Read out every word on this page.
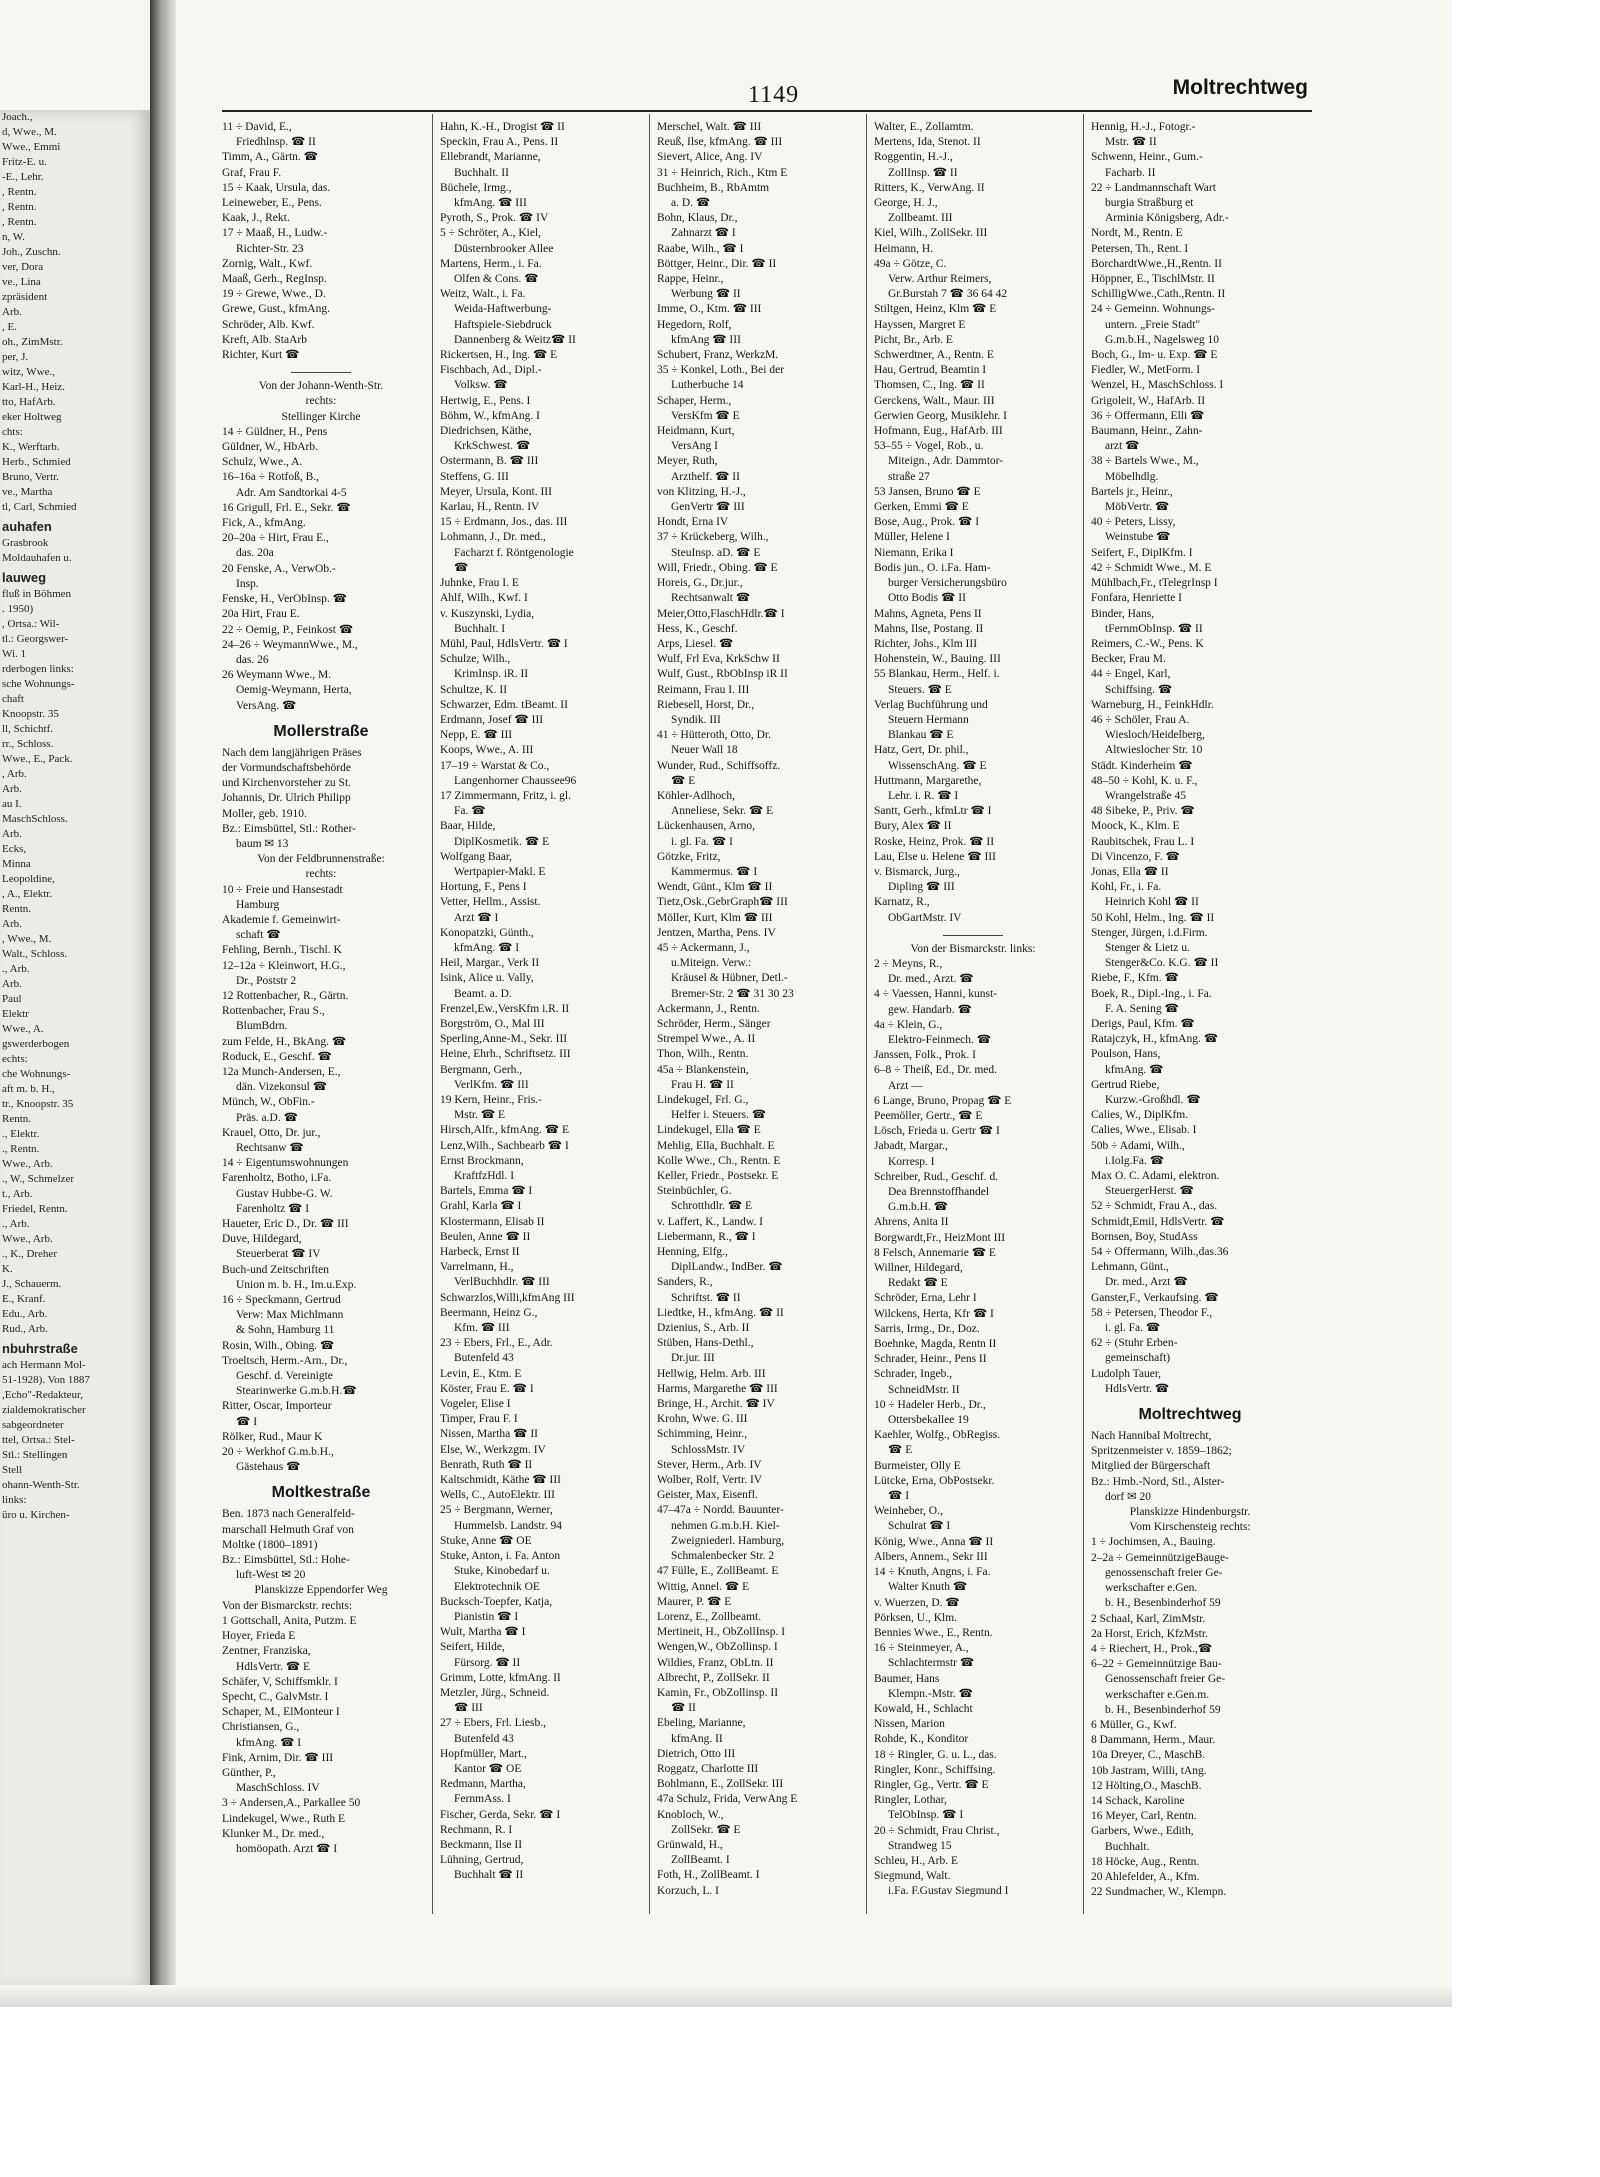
Joach.,
d, Wwe., M.
Wwe., Emmi
Fritz-E. u.
-E., Lehr.
, Rentn.
, Rentn.
, Rentn.
n, W.
Joh., Zuschn.
ver, Dora
ve., Lina
zpräsident
Arb.
, E.
oh., ZimMstr.
per, J.
witz, Wwe.,
Karl-H., Heiz.
tto, HafArb.
eker Holtweg
chts:
K., Werftarb.
Herb., Schmied
Bruno, Vertr.
ve., Martha
tl, Carl, Schmied
auhafen
Grasbrook
Moldauhafen u.
lauweg
fluß in Böhmen
. 1950)
, Ortsa.: Wil-
tl.: Georgswer-
Wi. 1
rderbogen links:
sche Wohnungs-
chaft
Knoopstr. 35
ll, Schichtf.
rr., Schloss.
Wwe., E., Pack.
, Arb.
Arb.
au I.
MaschSchloss.
Arb.
Ecks,
Minna
Leopoldine,
, A., Elektr.
Rentn.
Arb.
, Wwe., M.
Walt., Schloss.
., Arb.
Arb.
Paul
Elektr
Wwe., A.
gswerderbogen
echts:
che Wohnungs-
aft m. b. H.,
tr., Knoopstr. 35
Rentn.
., Elektr.
., Rentn.
Wwe., Arb.
., W., Schmelzer
t., Arb.
Friedel, Rentn.
., Arb.
Wwe., Arb.
., K., Dreher
K.
J., Schauerm.
E., Kranf.
Edu., Arb.
Rud., Arb.
nbuhrstraße
ach Hermann Mol-
51-1928). Von 1887
,Echo"-Redakteur,
zialdemokratischer
sabgeordneter
ttel, Ortsa.: Stel-
Stl.: Stellingen
Stell
ohann-Wenth-Str.
links:
üro u. Kirchen-
1149	Moltrechtweg
11 ÷ David, E.,
Friedhlnsp. ☎ II
Timm, A., Gärtn. ☎
Graf, Frau F.
15 ÷ Kaak, Ursula, das.
Leineweber, E., Pens.
Kaak, J., Rekt.
17 ÷ Maaß, H., Ludw.-
Richter-Str. 23
Zornig, Walt., Kwf.
Maaß, Gerh., RegInsp.
19 ÷ Grewe, Wwe., D.
Grewe, Gust., kfmAng.
Schröder, Alb. Kwf.
Kreft, Alb. StaArb
Richter, Kurt ☎
Von der Johann-Wenth-Str.
rechts:
Stellinger Kirche
14 ÷ Güldner, H., Pens
Güldner, W., HbArb.
Schulz, Wwe., A.
16–16a ÷ Rotfoß, B.,
Adr. Am Sandtorkai 4-5
16 Grigull, Frl. E., Sekr. ☎
Fick, A., kfmAng.
20–20a ÷ Hirt, Frau E.,
das. 20a
20 Fenske, A., VerwOb.-
Insp.
Fenske, H., VerObInsp. ☎
20a Hirt, Frau E.
22 ÷ Oemig, P., Feinkost ☎
24–26 ÷ WeymannWwe., M.,
das. 26
26 Weymann Wwe., M.
Oemig-Weymann, Herta,
VersAng. ☎
Mollerstraße
Nach dem langjährigen Präses
der Vormundschaftsbehörde
und Kirchenvorsteher zu St.
Johannis, Dr. Ulrich Philipp
Moller, geb. 1910.
Bz.: Eimsbüttel, Stl.: Rother-
baum ✉ 13
Von der Feldbrunnenstraße:
rechts:
10 ÷ Freie und Hansestadt
Hamburg
Akademie f. Gemeinwirt-
schaft ☎
Fehling, Bernh., Tischl. K
12–12a ÷ Kleinwort, H.G.,
Dr., Poststr 2
12 Rottenbacher, R., Gärtn.
Rottenbacher, Frau S.,
BlumBdrn.
zum Felde, H., BkAng. ☎
Roduck, E., Geschf. ☎
12a Munch-Andersen, E.,
dän. Vizekonsul ☎
Münch, W., ObFin.-
Präs. a.D. ☎
Krauel, Otto, Dr. jur.,
Rechtsanw ☎
14 ÷ Eigentumswohnungen
Farenholtz, Botho, i.Fa.
Gustav Hubbe-G. W.
Farenholtz ☎ I
Haueter, Eric D., Dr. ☎ III
Duve, Hildegard,
Steuerberat ☎ IV
Buch-und Zeitschriften
Union m. b. H., Im.u.Exp.
16 ÷ Speckmann, Gertrud
Verw: Max Michlmann
& Sohn, Hamburg 11
Rosin, Wilh., Obing. ☎
Troeltsch, Herm.-Arn., Dr.,
Geschf. d. Vereinigte
Stearinwerke G.m.b.H.☎
Ritter, Oscar, Importeur
☎ I
Rölker, Rud., Maur K
20 ÷ Werkhof G.m.b.H.,
Gästehaus ☎
Moltkestraße
Ben. 1873 nach Generalfeld-
marschall Helmuth Graf von
Moltke (1800–1891)
Bz.: Eimsbüttel, Stl.: Hohe-
luft-West ✉ 20
Planskizze Eppendorfer Weg
Von der Bismarckstr. rechts:
1 Gottschall, Anita, Putzm. E
Hoyer, Frieda E
Zentner, Franziska,
HdlsVertr. ☎ E
Schäfer, V, Schiffsmklr. I
Specht, C., GalvMstr. I
Schaper, M., ElMonteur I
Christiansen, G.,
kfmAng. ☎ I
Fink, Arnim, Dir. ☎ III
Günther, P.,
MaschSchloss. IV
3 ÷ Andersen,A., Parkallee 50
Lindekugel, Wwe., Ruth E
Klunker M., Dr. med.,
homöopath. Arzt ☎ I
Hahn, K.-H., Drogist ☎ II
Speckin, Frau A., Pens. II
Ellebrandt, Marianne,
Buchhalt. II
Büchele, Irmg.,
kfmAng. ☎ III
Pyroth, S., Prok. ☎ IV
5 ÷ Schröter, A., Kiel,
Düsternbrooker Allee
Martens, Herm., i. Fa.
Olfen & Cons. ☎
Weitz, Walt., i. Fa.
Weida-Haftwerbung-
Haftspiele-Siebdruck
Dannenberg & Weitz☎ II
Rickertsen, H., Ing. ☎ E
Fischbach, Ad., Dipl.-
Volksw. ☎
Hertwig, E., Pens. I
Böhm, W., kfmAng. I
Diedrichsen, Käthe,
KrkSchwest. ☎
Ostermann, B. ☎ III
Steffens, G. III
Meyer, Ursula, Kont. III
Karlau, H., Rentn. IV
15 ÷ Erdmann, Jos., das. III
Lohmann, J., Dr. med.,
Facharzt f. Röntgenologie
☎
Juhnke, Frau I. E
Ahlf, Wilh., Kwf. I
v. Kuszynski, Lydia,
Buchhalt. I
Mühl, Paul, HdlsVertr. ☎ I
Schulze, Wilh.,
KrimInsp. iR. II
Schultze, K. II
Schwarzer, Edm. tBeamt. II
Erdmann, Josef ☎ III
Nepp, E. ☎ III
Koops, Wwe., A. III
17–19 ÷ Warstat & Co.,
Langenhorner Chaussee96
17 Zimmermann, Fritz, i. gl.
Fa. ☎
Baar, Hilde,
DiplKosmetik. ☎ E
Wolfgang Baar,
Wertpapier-Makl. E
Hortung, F., Pens I
Vetter, Hellm., Assist.
Arzt ☎ I
Konopatzki, Günth.,
kfmAng. ☎ I
Heil, Margar., Verk II
Isink, Alice u. Vally,
Beamt. a. D.
Frenzel,Ew.,VersKfm i.R. II
Borgström, O., Mal III
Sperling,Anne-M., Sekr. III
Heine, Ehrh., Schriftsetz. III
Bergmann, Gerh.,
VerlKfm. ☎ III
19 Kern, Heinr., Fris.-
Mstr. ☎ E
Hirsch,Alfr., kfmAng. ☎ E
Lenz,Wilh., Sachbearb ☎ I
Ernst Brockmann,
KraftfzHdl. I
Bartels, Emma ☎ I
Grahl, Karla ☎ I
Klostermann, Elisab II
Beulen, Anne ☎ II
Harbeck, Ernst II
Varrelmann, H.,
VerlBuchhdlr. ☎ III
Schwarzlos,Willi,kfmAng III
Beermann, Heinz G.,
Kfm. ☎ III
23 ÷ Ebers, Frl., E., Adr.
Butenfeld 43
Levin, E., Ktm. E
Köster, Frau E. ☎ I
Vogeler, Elise I
Timper, Frau F. I
Nissen, Martha ☎ II
Else, W., Werkzgm. IV
Benrath, Ruth ☎ II
Kaltschmidt, Käthe ☎ III
Wells, C., AutoElektr. III
25 ÷ Bergmann, Werner,
Hummelsb. Landstr. 94
Stuke, Anne ☎ OE
Stuke, Anton, i. Fa. Anton
Stuke, Kinobedarf u.
Elektrotechnik OE
Bucksch-Toepfer, Katja,
Pianistin ☎ I
Wult, Martha ☎ I
Seifert, Hilde,
Fürsorg. ☎ II
Grimm, Lotte, kfmAng. II
Metzler, Jürg., Schneid.
☎ III
27 ÷ Ebers, Frl. Liesb.,
Butenfeld 43
Hopfmüller, Mart.,
Kantor ☎ OE
Redmann, Martha,
FernmAss. I
Fischer, Gerda, Sekr. ☎ I
Rechmann, R. I
Beckmann, Ilse II
Lühning, Gertrud,
Buchhalt ☎ II
Merschel, Walt. ☎ III
Reuß, Ilse, kfmAng. ☎ III
Sievert, Alice, Ang. IV
31 ÷ Heinrich, Rich., Ktm E
Buchheim, B., RbAmtm
a. D. ☎
Bohn, Klaus, Dr.,
Zahnarzt ☎ I
Raabe, Wilh., ☎ I
Böttger, Heinr., Dir. ☎ II
Rappe, Heinr.,
Werbung ☎ II
Imme, O., Ktm. ☎ III
Hegedorn, Rolf,
kfmAng ☎ III
Schubert, Franz, WerkzM.
35 ÷ Konkel, Loth., Bei der
Lutherbuche 14
Schaper, Herm.,
VersKfm ☎ E
Heidmann, Kurt,
VersAng I
Meyer, Ruth,
Arzthelf. ☎ II
von Klitzing, H.-J.,
GenVertr ☎ III
Hondt, Erna IV
37 ÷ Krückeberg, Wilh.,
SteuInsp. aD. ☎ E
Will, Friedr., Obing. ☎ E
Horeis, G., Dr.jur.,
Rechtsanwalt ☎
Meier,Otto,FlaschHdlr.☎ I
Hess, K., Geschf.
Arps, Liesel. ☎
Wulf, Frl Eva, KrkSchw II
Wulf, Gust., RbObInsp iR II
Reimann, Frau I. III
Riebesell, Horst, Dr.,
Syndik. III
41 ÷ Hütteroth, Otto, Dr.
Neuer Wall 18
Wunder, Rud., Schiffsoffz.
☎ E
Köhler-Adlhoch,
Anneliese, Sekr. ☎ E
Lückenhausen, Arno,
i. gl. Fa. ☎ I
Götzke, Fritz,
Kammermus. ☎ I
Wendt, Günt., Klm ☎ II
Tietz,Osk.,GebrGraph☎ III
Möller, Kurt, Klm ☎ III
Jentzen, Martha, Pens. IV
45 ÷ Ackermann, J.,
u.Miteign. Verw.:
Kräusel & Hübner, Detl.-
Bremer-Str. 2 ☎ 31 30 23
Ackermann, J., Rentn.
Schröder, Herm., Sänger
Strempel Wwe., A. II
Thon, Wilh., Rentn.
45a ÷ Blankenstein,
Frau H. ☎ II
Lindekugel, Frl. G.,
Helfer i. Steuers. ☎
Lindekugel, Ella ☎ E
Mehlig, Ella, Buchhalt. E
Kolle Wwe., Ch., Rentn. E
Keller, Friedr., Postsekr. E
Steinbüchler, G.
Schrotthdlr. ☎ E
v. Laffert, K., Landw. I
Liebermann, R., ☎ I
Henning, Elfg.,
DiplLandw., IndBer. ☎
Sanders, R.,
Schriftst. ☎ II
Liedtke, H., kfmAng. ☎ II
Dzienius, S., Arb. II
Stüben, Hans-Dethl.,
Dr.jur. III
Hellwig, Helm. Arb. III
Harms, Margarethe ☎ III
Bringe, H., Archit. ☎ IV
Krohn, Wwe. G. III
Schimming, Heinr.,
SchlossMstr. IV
Stever, Herm., Arb. IV
Wolber, Rolf, Vertr. IV
Geister, Max, Eisenfl.
47–47a ÷ Nordd. Bauunter-
nehmen G.m.b.H. Kiel-
Zweigniederl. Hamburg,
Schmalenbecker Str. 2
47 Fülle, E., ZollBeamt. E
Wittig, Annel. ☎ E
Maurer, P. ☎ E
Lorenz, E., Zollbeamt.
Mertineit, H., ObZollInsp. I
Wengen,W., ObZollinsp. I
Wildies, Franz, ObLtn. II
Albrecht, P., ZollSekr. II
Kamin, Fr., ObZollinsp. II
☎ II
Ebeling, Marianne,
kfmAng. II
Dietrich, Otto III
Roggatz, Charlotte III
Bohlmann, E., ZollSekr. III
47a Schulz, Frida, VerwAng E
Knobloch, W.,
ZollSekr. ☎ E
Grünwald, H.,
ZollBeamt. I
Foth, H., ZollBeamt. I
Korzuch, L. I
Walter, E., Zollamtm.
Mertens, Ida, Stenot. II
Roggentin, H.-J.,
ZollInsp. ☎ II
Ritters, K., VerwAng. II
George, H. J.,
Zollbeamt. III
Kiel, Wilh., ZollSekr. III
Heimann, H.
49a ÷ Götze, C.
Verw. Arthur Reimers,
Gr.Burstah 7 ☎ 36 64 42
Stiltgen, Heinz, Klm ☎ E
Hayssen, Margret E
Picht, Br., Arb. E
Schwerdtner, A., Rentn. E
Hau, Gertrud, Beamtin I
Thomsen, C., Ing. ☎ II
Gerckens, Walt., Maur. III
Gerwien Georg, Musiklehr. I
Hofmann, Eug., HafArb. III
53–55 ÷ Vogel, Rob., u.
Miteign., Adr. Dammtor-
straße 27
53 Jansen, Bruno ☎ E
Gerken, Emmi ☎ E
Bose, Aug., Prok. ☎ I
Müller, Helene I
Niemann, Erika I
Bodis jun., O. i.Fa. Ham-
burger Versicherungsbüro
Otto Bodis ☎ II
Mahns, Agneta, Pens II
Mahns, Ilse, Postang. II
Richter, Johs., Klm III
Hohenstein, W., Bauing. III
55 Blankau, Herm., Helf. i.
Steuers. ☎ E
Verlag Buchführung und
Steuern Hermann
Blankau ☎ E
Hatz, Gert, Dr. phil.,
WissenschAng. ☎ E
Huttmann, Margarethe,
Lehr. i. R. ☎ I
Santt, Gerh., kfmLtr ☎ I
Bury, Alex ☎ II
Roske, Heinz, Prok. ☎ II
Lau, Else u. Helene ☎ III
v. Bismarck, Jurg.,
Dipling ☎ III
Karnatz, R.,
ObGartMstr. IV
Von der Bismarckstr. links:
2 ÷ Meyns, R.,
Dr. med., Arzt. ☎
4 ÷ Vaessen, Hanni, kunst-
gew. Handarb. ☎
4a ÷ Klein, G.,
Elektro-Feinmech. ☎
Janssen, Folk., Prok. I
6–8 ÷ Theiß, Ed., Dr. med.
Arzt —
6 Lange, Bruno, Propag ☎ E
Peemöller, Gertr., ☎ E
Lösch, Frieda u. Gertr ☎ I
Jabadt, Margar.,
Korresp. I
Schreiber, Rud., Geschf. d.
Dea Brennstoffhandel
G.m.b.H. ☎
Ahrens, Anita II
Borgwardt,Fr., HeizMont III
8 Felsch, Annemarie ☎ E
Willner, Hildegard,
Redakt ☎ E
Schröder, Erna, Lehr I
Wilckens, Herta, Kfr ☎ I
Sarris, Irmg., Dr., Doz.
Boehnke, Magda, Rentn II
Schrader, Heinr., Pens II
Schrader, Ingeb.,
SchneidMstr. II
10 ÷ Hadeler Herb., Dr.,
Ottersbekallee 19
Kaehler, Wolfg., ObRegiss.
☎ E
Burmeister, Olly E
Lütcke, Erna, ObPostsekr.
☎ I
Weinheber, O.,
Schulrat ☎ I
König, Wwe., Anna ☎ II
Albers, Annem., Sekr III
14 ÷ Knuth, Angns, i. Fa.
Walter Knuth ☎
v. Wuerzen, D. ☎
Pörksen, U., Klm.
Bennies Wwe., E., Rentn.
16 ÷ Steinmeyer, A.,
Schlachtermstr ☎
Baumer, Hans
Klempn.-Mstr. ☎
Kowald, H., Schlacht
Nissen, Marion
Rohde, K., Konditor
18 ÷ Ringler, G. u. L., das.
Ringler, Konr., Schiffsing.
Ringler, Gg., Vertr. ☎ E
Ringler, Lothar,
TelObInsp. ☎ I
20 ÷ Schmidt, Frau Christ.,
Strandweg 15
Schleu, H., Arb. E
Siegmund, Walt.
i.Fa. F.Gustav Siegmund I
Hennig, H.-J., Fotogr.-
Mstr. ☎ II
Schwenn, Heinr., Gum.-
Facharb. II
22 ÷ Landmannschaft Wart
burgia Straßburg et
Arminia Königsberg, Adr.-
Nordt, M., Rentn. E
Petersen, Th., Rent. I
BorchardtWwe.,H.,Rentn. II
Höppner, E., TischlMstr. II
SchilligWwe.,Cath.,Rentn. II
24 ÷ Gemeinn. Wohnungs-
untern. „Freie Stadt"
G.m.b.H., Nagelsweg 10
Boch, G., Im- u. Exp. ☎ E
Fiedler, W., MetForm. I
Wenzel, H., MaschSchloss. I
Grigoleit, W., HafArb. II
36 ÷ Offermann, Elli ☎
Baumann, Heinr., Zahn-
arzt ☎
38 ÷ Bartels Wwe., M.,
Möbelhdlg.
Bartels jr., Heinr.,
MöbVertr. ☎
40 ÷ Peters, Lissy,
Weinstube ☎
Seifert, F., DiplKfm. I
42 ÷ Schmidt Wwe., M. E
Mühlbach,Fr., tTelegrInsp I
Fonfara, Henriette I
Binder, Hans,
tFernmObInsp. ☎ II
Reimers, C.-W., Pens. K
Becker, Frau M.
44 ÷ Engel, Karl,
Schiffsing. ☎
Warneburg, H., FeinkHdlr.
46 ÷ Schöler, Frau A.
Wiesloch/Heidelberg,
Altwieslocher Str. 10
Städt. Kinderheim ☎
48–50 ÷ Kohl, K. u. F.,
Wrangelstraße 45
48 Sibeke, P., Priv. ☎
Moock, K., Klm. E
Raubitschek, Frau L. I
Di Vincenzo, F. ☎
Jonas, Ella ☎ II
Kohl, Fr., i. Fa.
Heinrich Kohl ☎ II
50 Kohl, Helm., Ing. ☎ II
Stenger, Jürgen, i.d.Firm.
Stenger & Lietz u.
Stenger&Co. K.G. ☎ II
Riebe, F., Kfm. ☎
Boek, R., Dipl.-Ing., i. Fa.
F. A. Sening ☎
Derigs, Paul, Kfm. ☎
Ratajczyk, H., kfmAng. ☎
Poulson, Hans,
kfmAng. ☎
Gertrud Riebe,
Kurzw.-Großhdl. ☎
Calies, W., DiplKfm.
Calies, Wwe., Elisab. I
50b ÷ Adami, Wilh.,
i.Iolg.Fa. ☎
Max O. C. Adami, elektron.
SteuergerHerst. ☎
52 ÷ Schmidt, Frau A., das.
Schmidt,Emil, HdlsVertr. ☎
Bornsen, Boy, StudAss
54 ÷ Offermann, Wilh.,das.36
Lehmann, Günt.,
Dr. med., Arzt ☎
Ganster,F., Verkaufsing. ☎
58 ÷ Petersen, Theodor F.,
i. gl. Fa. ☎
62 ÷ (Stuhr Erben-
gemeinschaft)
Ludolph Tauer,
HdlsVertr. ☎
Moltrechtweg
Nach Hannibal Moltrecht,
Spritzenmeister v. 1859–1862;
Mitglied der Bürgerschaft
Bz.: Hmb.-Nord, Stl., Alster-
dorf ✉ 20
Planskizze Hindenburgstr.
Vom Kirschensteig rechts:
1 ÷ Jochimsen, A., Bauing.
2–2a ÷ GemeinnützigeBauge-
genossenschaft freier Ge-
werkschafter e.Gen.
b. H., Besenbinderhof 59
2 Schaal, Karl, ZimMstr.
2a Horst, Erich, KfzMstr.
4 ÷ Riechert, H., Prok.,☎
6–22 ÷ Gemeinnützige Bau-
Genossenschaft freier Ge-
werkschafter e.Gen.m.
b. H., Besenbinderhof 59
6 Müller, G., Kwf.
8 Dammann, Herm., Maur.
10a Dreyer, C., MaschB.
10b Jastram, Willi, tAng.
12 Hölting,O., MaschB.
14 Schack, Karoline
16 Meyer, Carl, Rentn.
Garbers, Wwe., Edith,
Buchhalt.
18 Höcke, Aug., Rentn.
20 Ahlefelder, A., Kfm.
22 Sundmacher, W., Klempn.
